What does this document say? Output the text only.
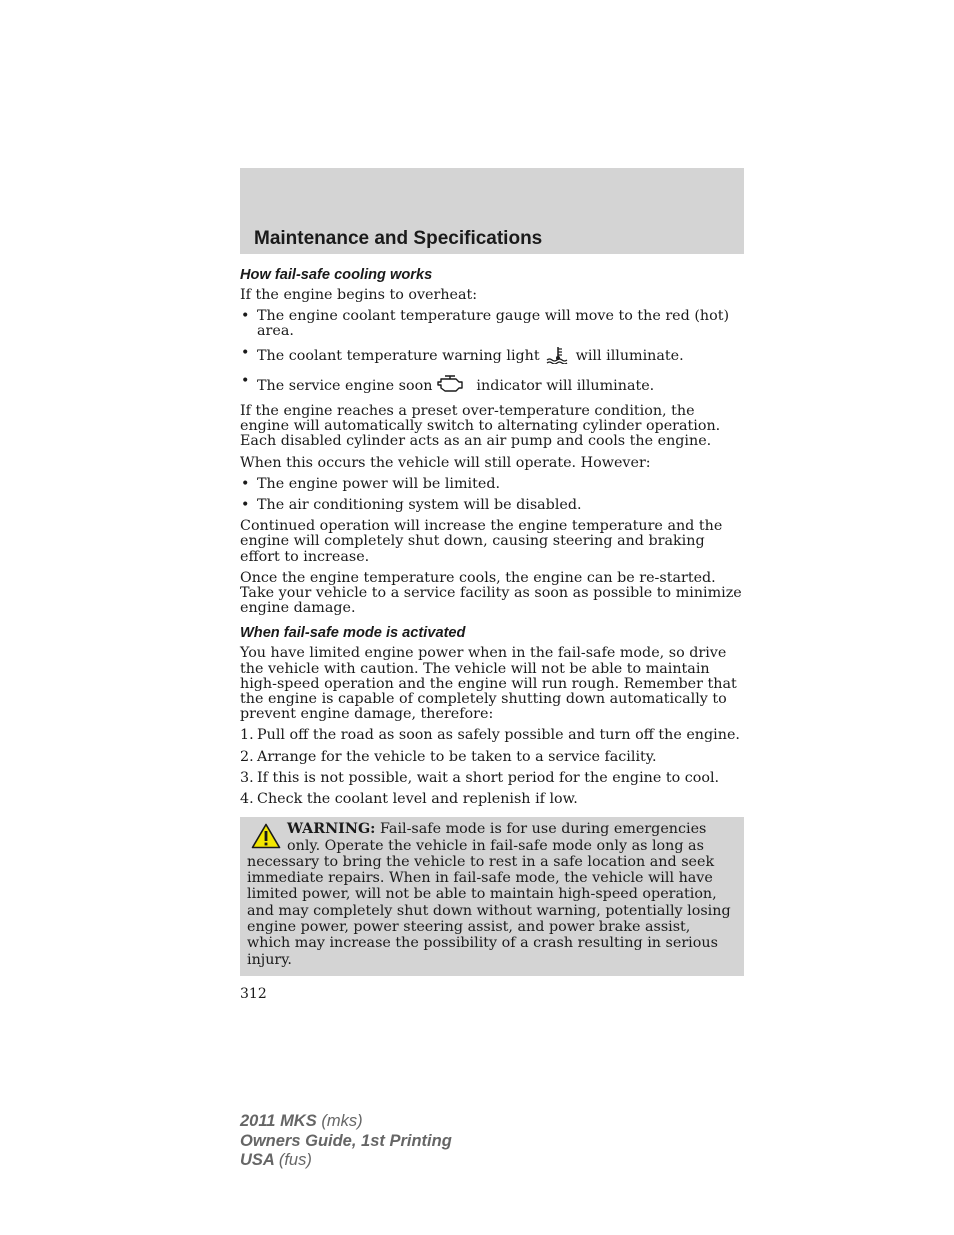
Maintenance and Specifications
How fail-safe cooling works

If the engine begins to overheat:

• The engine coolant temperature gauge will move to the red (hot) area.
• The coolant temperature warning light	will illuminate.
• The service engine soon	indicator will illuminate.

If the engine reaches a preset over-temperature condition, the engine will automatically switch to alternating cylinder operation. Each disabled cylinder acts as an air pump and cools the engine.

When this occurs the vehicle will still operate. However:

• The engine power will be limited.
• The air conditioning system will be disabled.

Continued operation will increase the engine temperature and the engine will completely shut down, causing steering and braking effort to increase.

Once the engine temperature cools, the engine can be re-started. Take your vehicle to a service facility as soon as possible to minimize engine damage.

When fail-safe mode is activated

You have limited engine power when in the fail-safe mode, so drive the vehicle with caution. The vehicle will not be able to maintain high-speed operation and the engine will run rough. Remember that the engine is capable of completely shutting down automatically to prevent engine damage, therefore:

1. Pull off the road as soon as safely possible and turn off the engine.
2. Arrange for the vehicle to be taken to a service facility.
3. If this is not possible, wait a short period for the engine to cool.
4. Check the coolant level and replenish if low.
WARNING: Fail-safe mode is for use during emergencies only. Operate the vehicle in fail-safe mode only as long as necessary to bring the vehicle to rest in a safe location and seek immediate repairs. When in fail-safe mode, the vehicle will have limited power, will not be able to maintain high-speed operation, and may completely shut down without warning, potentially losing engine power, power steering assist, and power brake assist, which may increase the possibility of a crash resulting in serious injury.
312
2011 MKS (mks)
Owners Guide, 1st Printing
USA (fus)
